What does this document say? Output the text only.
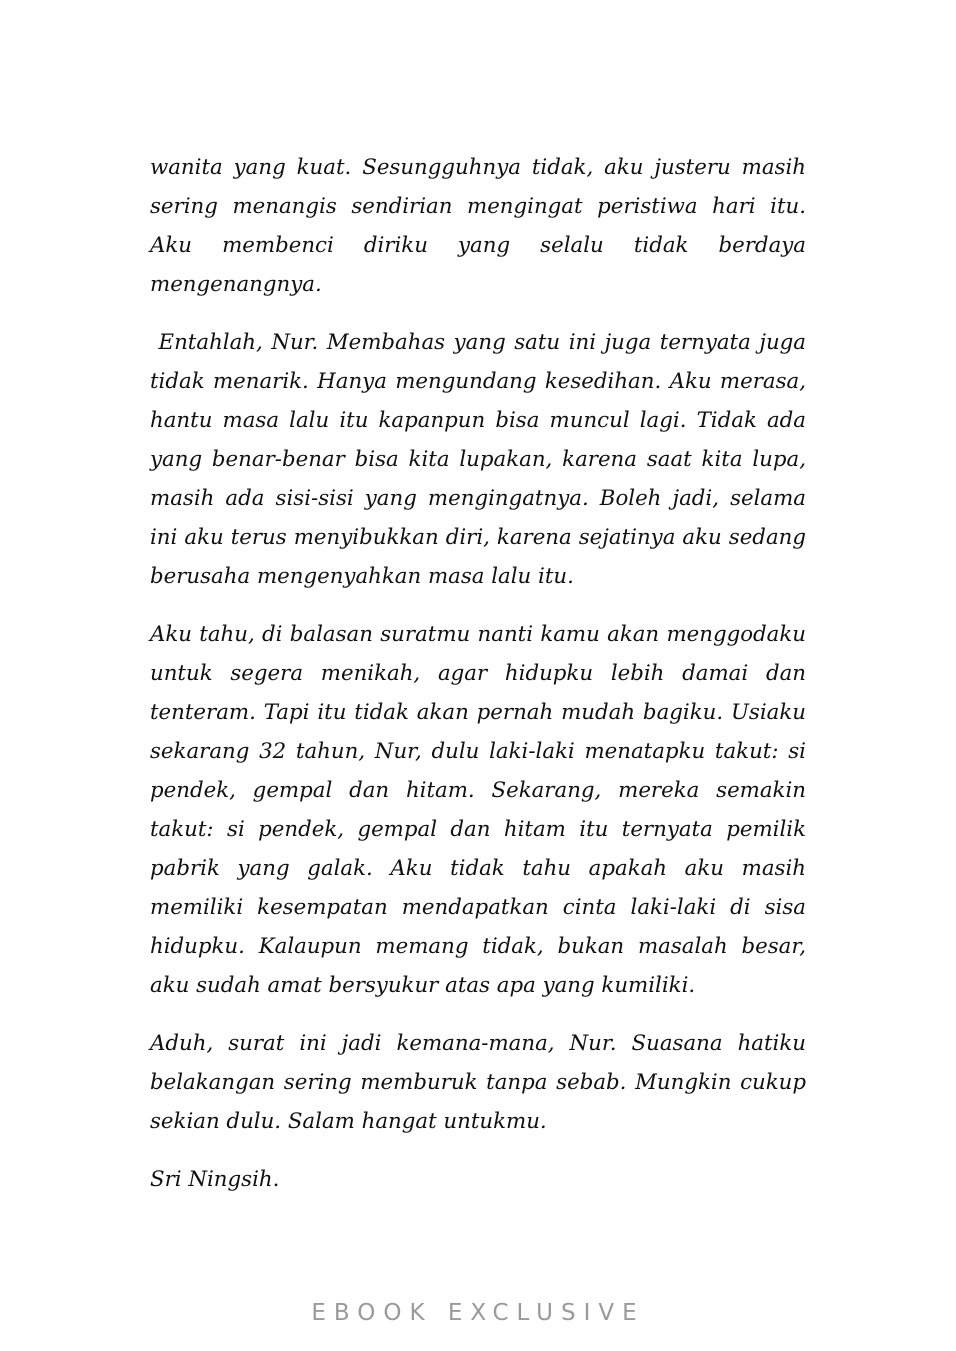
wanita yang kuat. Sesungguhnya tidak, aku justeru masih sering menangis sendirian mengingat peristiwa hari itu. Aku membenci diriku yang selalu tidak berdaya mengenangnya.

Entahlah, Nur. Membahas yang satu ini juga ternyata juga tidak menarik. Hanya mengundang kesedihan. Aku merasa, hantu masa lalu itu kapanpun bisa muncul lagi. Tidak ada yang benar-benar bisa kita lupakan, karena saat kita lupa, masih ada sisi-sisi yang mengingatnya. Boleh jadi, selama ini aku terus menyibukkan diri, karena sejatinya aku sedang berusaha mengenyahkan masa lalu itu.

Aku tahu, di balasan suratmu nanti kamu akan menggodaku untuk segera menikah, agar hidupku lebih damai dan tenteram. Tapi itu tidak akan pernah mudah bagiku. Usiaku sekarang 32 tahun, Nur, dulu laki-laki menatapku takut: si pendek, gempal dan hitam. Sekarang, mereka semakin takut: si pendek, gempal dan hitam itu ternyata pemilik pabrik yang galak. Aku tidak tahu apakah aku masih memiliki kesempatan mendapatkan cinta laki-laki di sisa hidupku. Kalaupun memang tidak, bukan masalah besar, aku sudah amat bersyukur atas apa yang kumiliki.

Aduh, surat ini jadi kemana-mana, Nur. Suasana hatiku belakangan sering memburuk tanpa sebab. Mungkin cukup sekian dulu. Salam hangat untukmu.

Sri Ningsih.

EBOOK EXCLUSIVE
